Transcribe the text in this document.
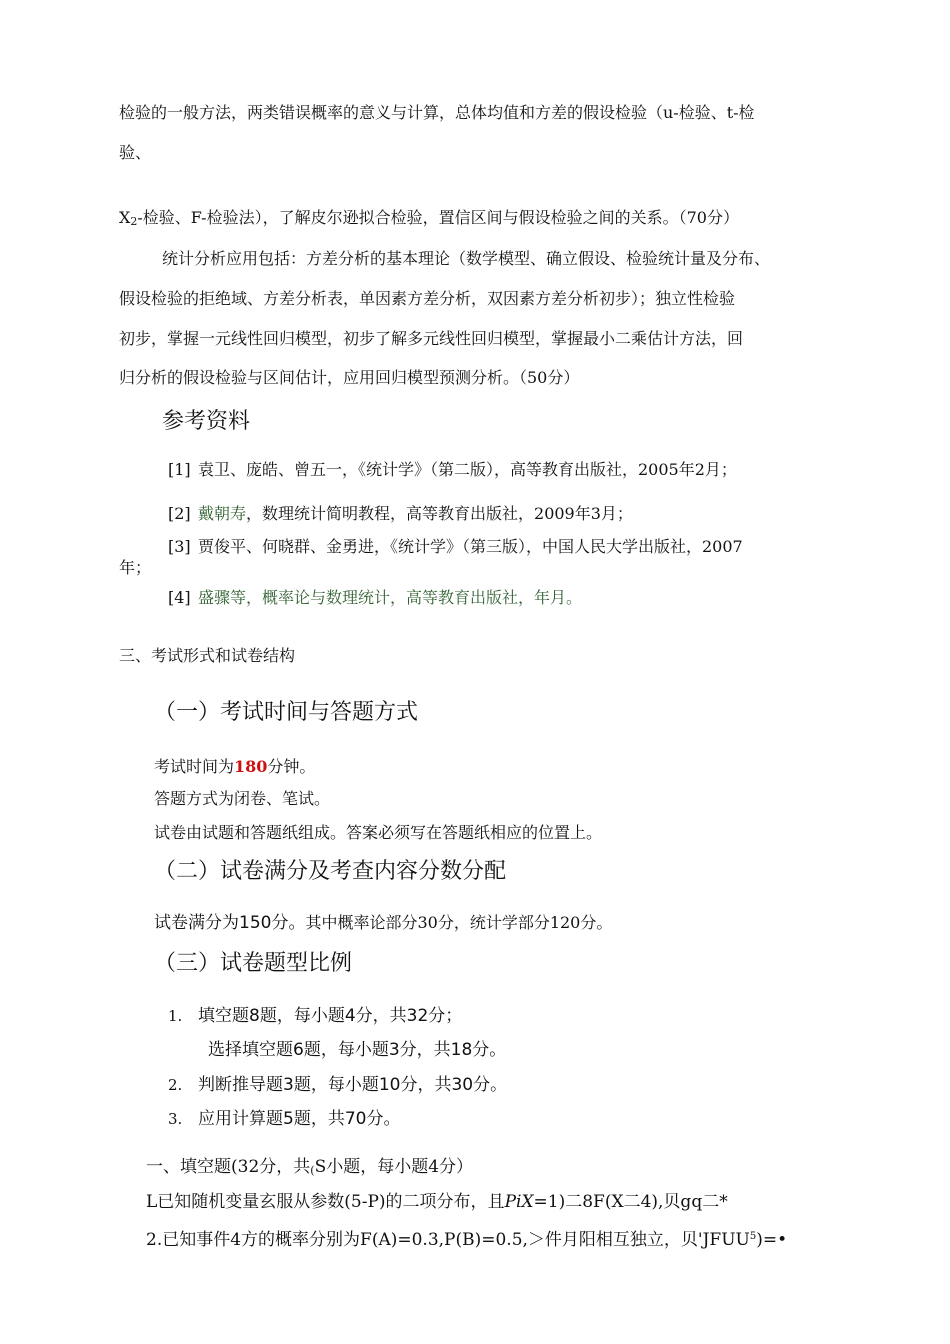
检验的一般方法，两类错误概率的意义与计算，总体均值和方差的假设检验（u-检验、t-检
验、
X2-检验、F-检验法），了解皮尔逊拟合检验，置信区间与假设检验之间的关系。（70分）
统计分析应用包括：方差分析的基本理论（数学模型、确立假设、检验统计量及分布、
假设检验的拒绝域、方差分析表，单因素方差分析，双因素方差分析初步）；独立性检验
初步，掌握一元线性回归模型，初步了解多元线性回归模型，掌握最小二乘估计方法，回
归分析的假设检验与区间估计，应用回归模型预测分析。（50分）
参考资料
[1] 袁卫、庞皓、曾五一，《统计学》（第二版），高等教育出版社，2005年2月；
[2] 戴朝寿，数理统计简明教程，高等教育出版社，2009年3月；
[3] 贾俊平、何晓群、金勇进，《统计学》（第三版），中国人民大学出版社，2007
年；
[4] 盛骤等，概率论与数理统计，高等教育出版社，年月。
三、考试形式和试卷结构
（一）考试时间与答题方式
考试时间为180分钟。
答题方式为闭卷、笔试。
试卷由试题和答题纸组成。答案必须写在答题纸相应的位置上。
（二）试卷满分及考查内容分数分配
试卷满分为150分。其中概率论部分30分，统计学部分120分。
（三）试卷题型比例
1. 填空题8题，每小题4分，共32分；
选择填空题6题，每小题3分，共18分。
2. 判断推导题3题，每小题10分，共30分。
3. 应用计算题5题，共70分。
一、填空题(32分，共(S小题，每小题4分）
L已知随机变量玄服从参数(5-P)的二项分布，且PiX=1)二8F(X二4),贝gq二*
2.已知事件4方的概率分别为F(A)=0.3,P(B)=0.5,＞件月阳相互独立，贝'$JFUU^5)=•$
